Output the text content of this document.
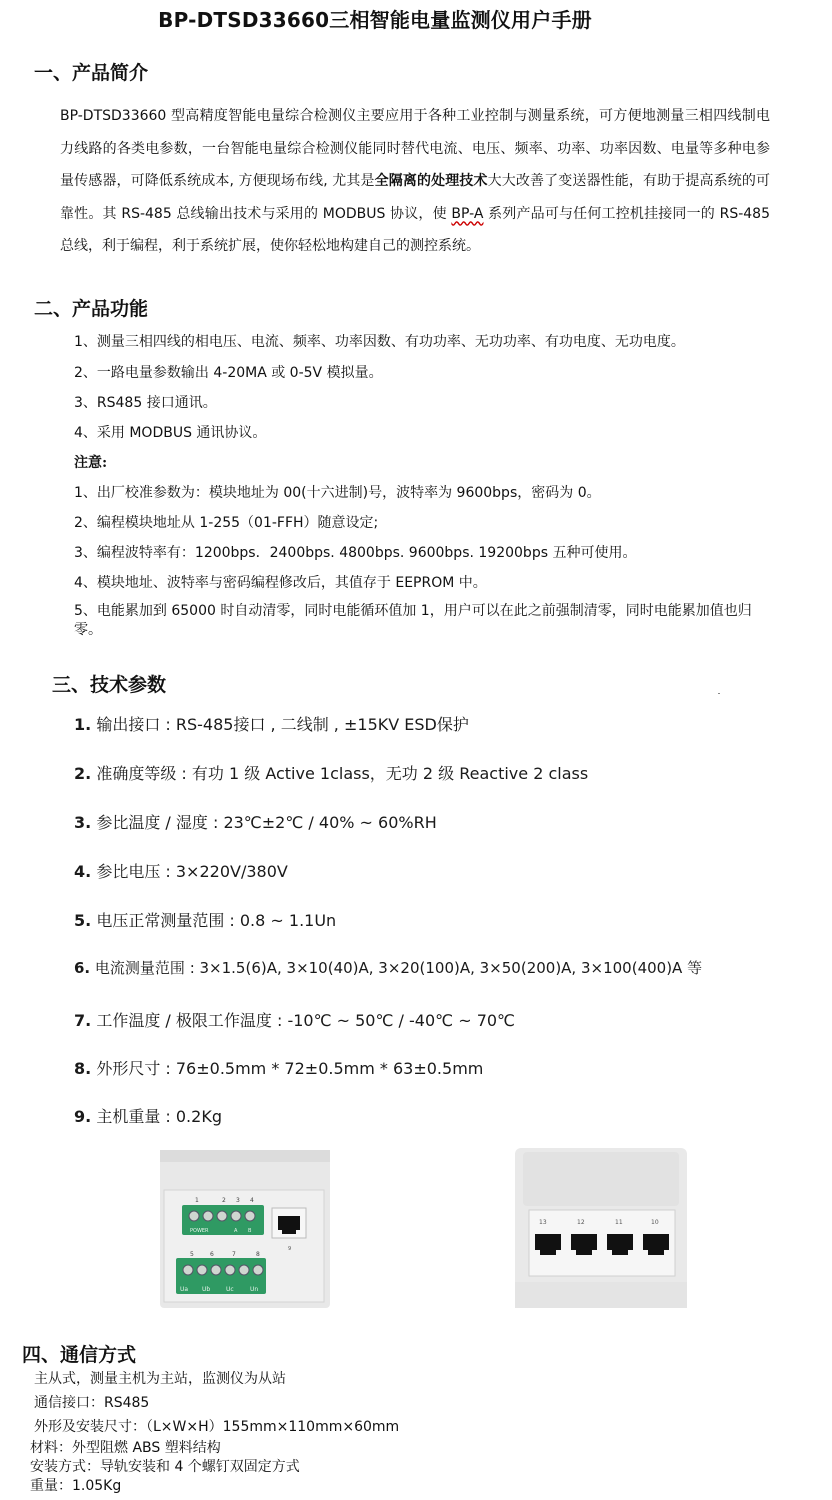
BP-DTSD33660三相智能电量监测仪用户手册
一、产品简介
BP-DTSD33660 型高精度智能电量综合检测仪主要应用于各种工业控制与测量系统，可方便地测量三相四线制电力线路的各类电参数，一台智能电量综合检测仪能同时替代电流、电压、频率、功率、功率因数、电量等多种电参量传感器，可降低系统成本, 方便现场布线, 尤其是全隔离的处理技术大大改善了变送器性能，有助于提高系统的可靠性。其 RS-485 总线输出技术与采用的 MODBUS 协议，使 BP-A 系列产品可与任何工控机挂接同一的 RS-485 总线，利于编程，利于系统扩展，使你轻松地构建自己的测控系统。
二、产品功能
1、测量三相四线的相电压、电流、频率、功率因数、有功功率、无功功率、有功电度、无功电度。
2、一路电量参数输出 4-20MA 或 0-5V 模拟量。
3、RS485 接口通讯。
4、采用 MODBUS 通讯协议。
注意:
1、出厂校准参数为：模块地址为 00(十六进制)号，波特率为 9600bps，密码为 0。
2、编程模块地址从 1-255（01-FFH）随意设定;
3、编程波特率有：1200bps．2400bps. 4800bps. 9600bps. 19200bps 五种可使用。
4、模块地址、波特率与密码编程修改后，其值存于 EEPROM 中。
5、电能累加到 65000 时自动清零，同时电能循环值加 1，用户可以在此之前强制清零，同时电能累加值也归零。
三、技术参数
1. 输出接口 : RS-485接口 , 二线制 , ±15KV ESD保护
2. 准确度等级 : 有功 1 级 Active 1class，无功 2 级 Reactive 2 class
3. 参比温度 / 湿度 : 23℃±2℃ / 40% ~ 60%RH
4. 参比电压 : 3×220V/380V
5. 电压正常测量范围 : 0.8 ~ 1.1Un
6. 电流测量范围 : 3×1.5(6)A, 3×10(40)A, 3×20(100)A, 3×50(200)A, 3×100(400)A 等
7. 工作温度 / 极限工作温度 : -10℃ ~ 50℃ / -40℃ ~ 70℃
8. 外形尺寸 : 76±0.5mm * 72±0.5mm * 63±0.5mm
9. 主机重量 : 0.2Kg
1	2 3 4
POWER	A B
9
5	6	7	8
Ua Ub	Uc	Un
13	12	11	10
四、通信方式
主从式，测量主机为主站，监测仪为从站
通信接口：RS485
外形及安装尺寸：（L×W×H）155mm×110mm×60mm
材料：外型阻燃 ABS 塑料结构
安装方式：导轨安装和 4 个螺钉双固定方式
重量：1.05Kg
